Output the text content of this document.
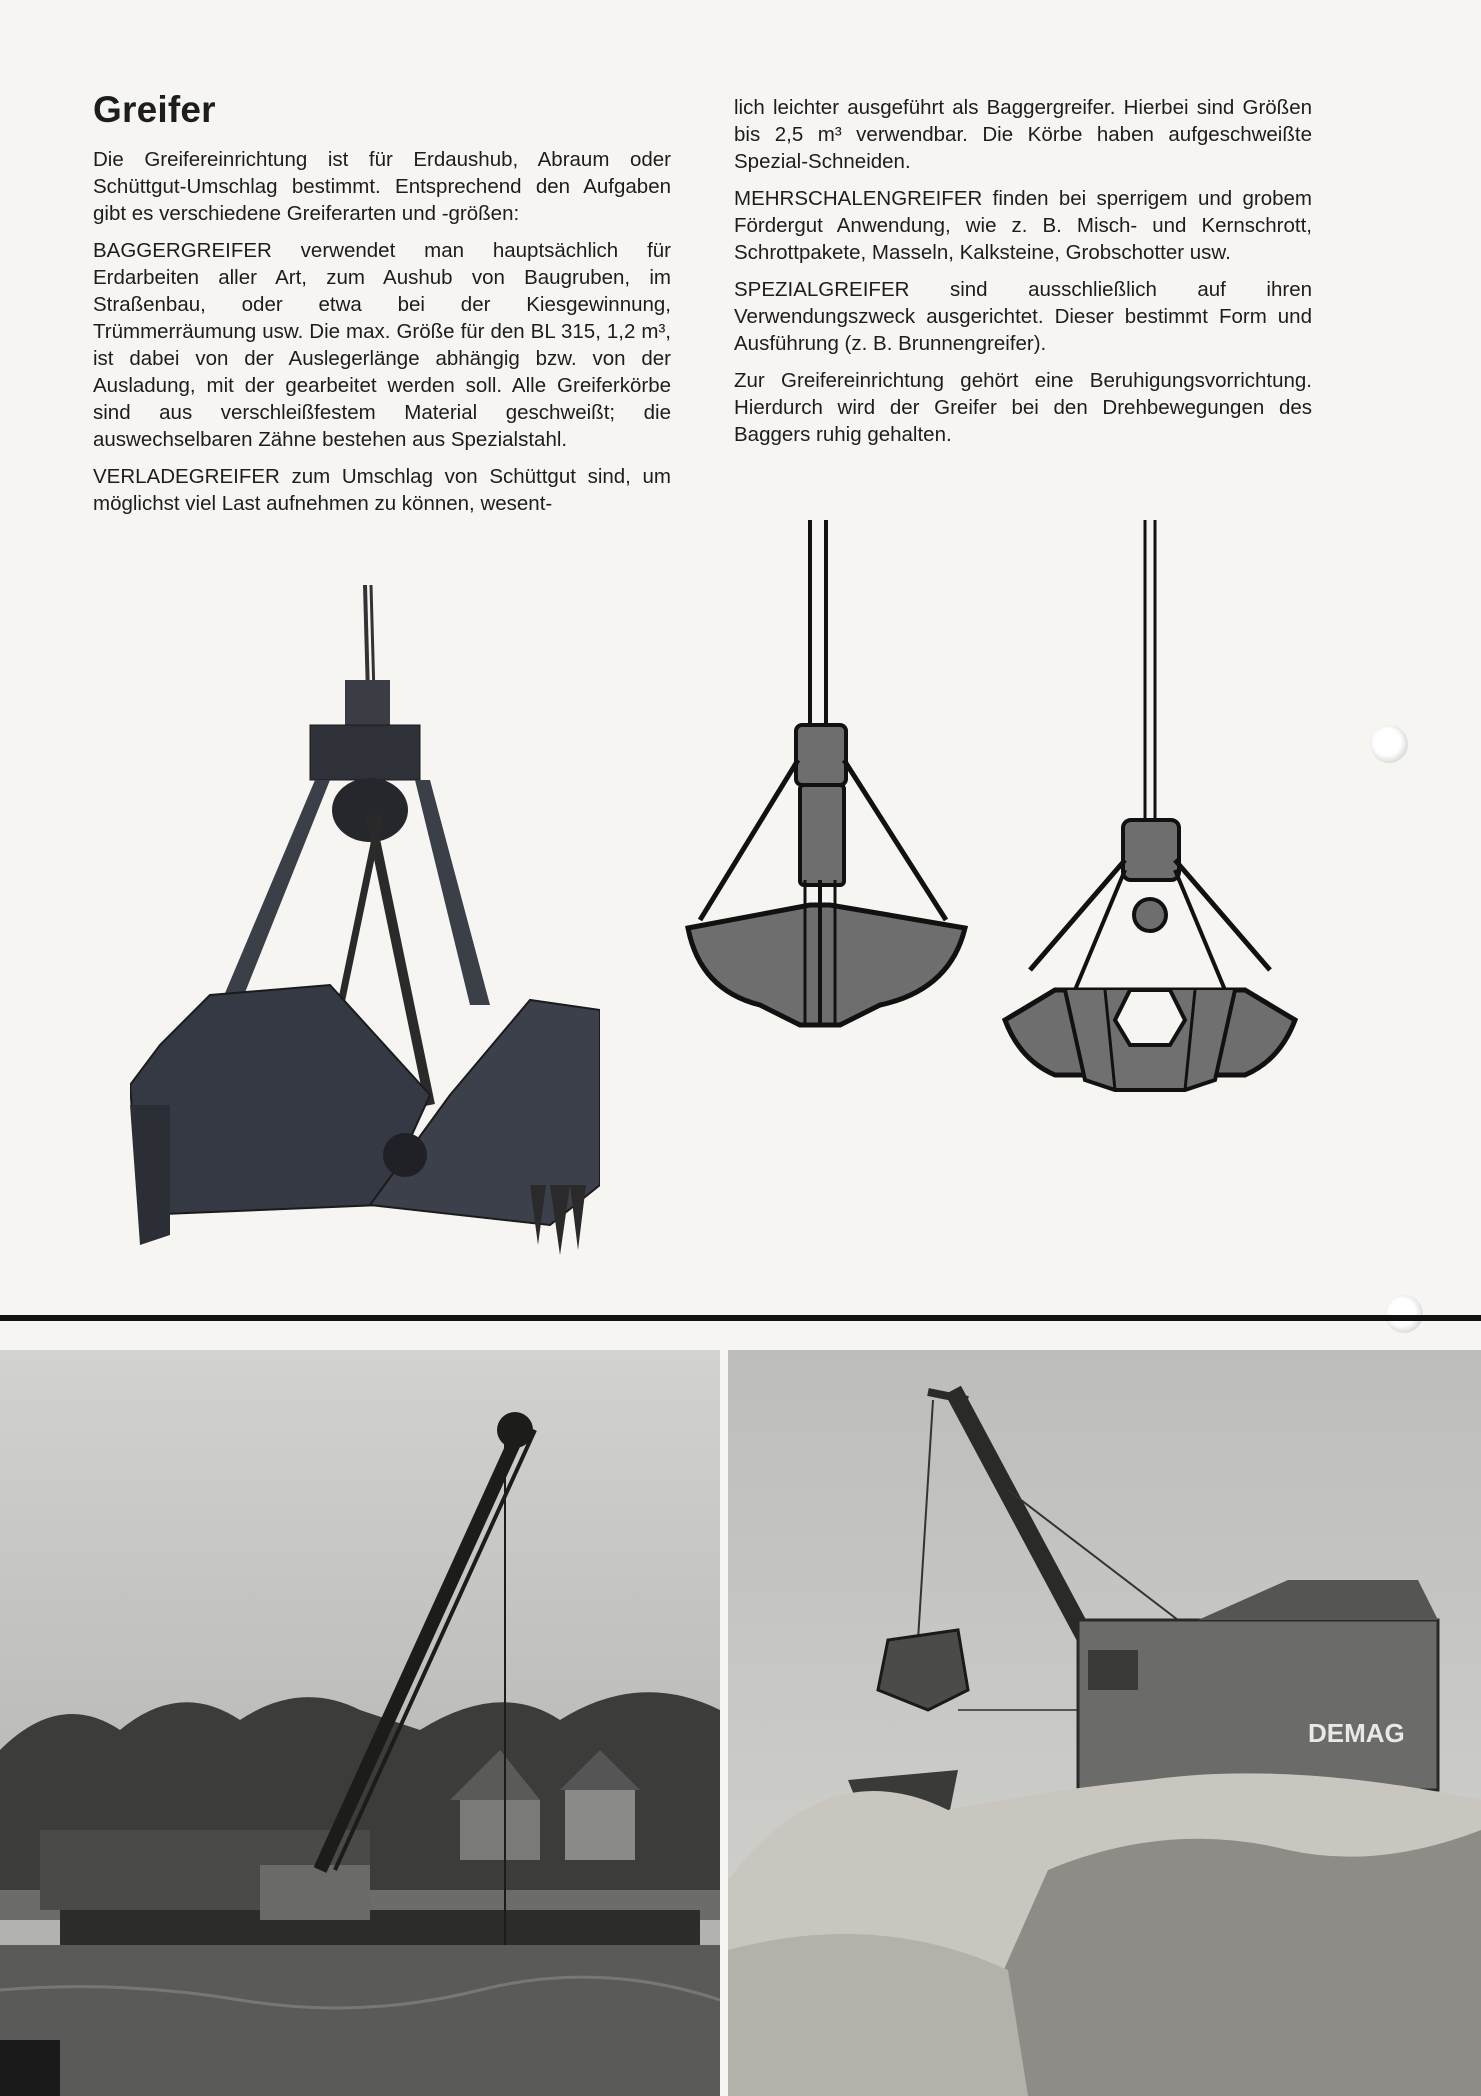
Greifer

Die Greifereinrichtung ist für Erdaushub, Abraum oder Schüttgut-Umschlag bestimmt. Entsprechend den Aufgaben gibt es verschiedene Greiferarten und -größen:

BAGGERGREIFER verwendet man hauptsächlich für Erdarbeiten aller Art, zum Aushub von Baugruben, im Straßenbau, oder etwa bei der Kiesgewinnung, Trümmerräumung usw. Die max. Größe für den BL 315, 1,2 m³, ist dabei von der Auslegerlänge abhängig bzw. von der Ausladung, mit der gearbeitet werden soll. Alle Greiferkörbe sind aus verschleißfestem Material geschweißt; die auswechselbaren Zähne bestehen aus Spezialstahl.

VERLADEGREIFER zum Umschlag von Schüttgut sind, um möglichst viel Last aufnehmen zu können, wesent-

lich leichter ausgeführt als Baggergreifer. Hierbei sind Größen bis 2,5 m³ verwendbar. Die Körbe haben aufgeschweißte Spezial-Schneiden.

MEHRSCHALENGREIFER finden bei sperrigem und grobem Fördergut Anwendung, wie z. B. Misch- und Kernschrott, Schrottpakete, Masseln, Kalksteine, Grobschotter usw.

SPEZIALGREIFER sind ausschließlich auf ihren Verwendungszweck ausgerichtet. Dieser bestimmt Form und Ausführung (z. B. Brunnengreifer).

Zur Greifereinrichtung gehört eine Beruhigungsvorrichtung. Hierdurch wird der Greifer bei den Drehbewegungen des Baggers ruhig gehalten.

DEMAG
